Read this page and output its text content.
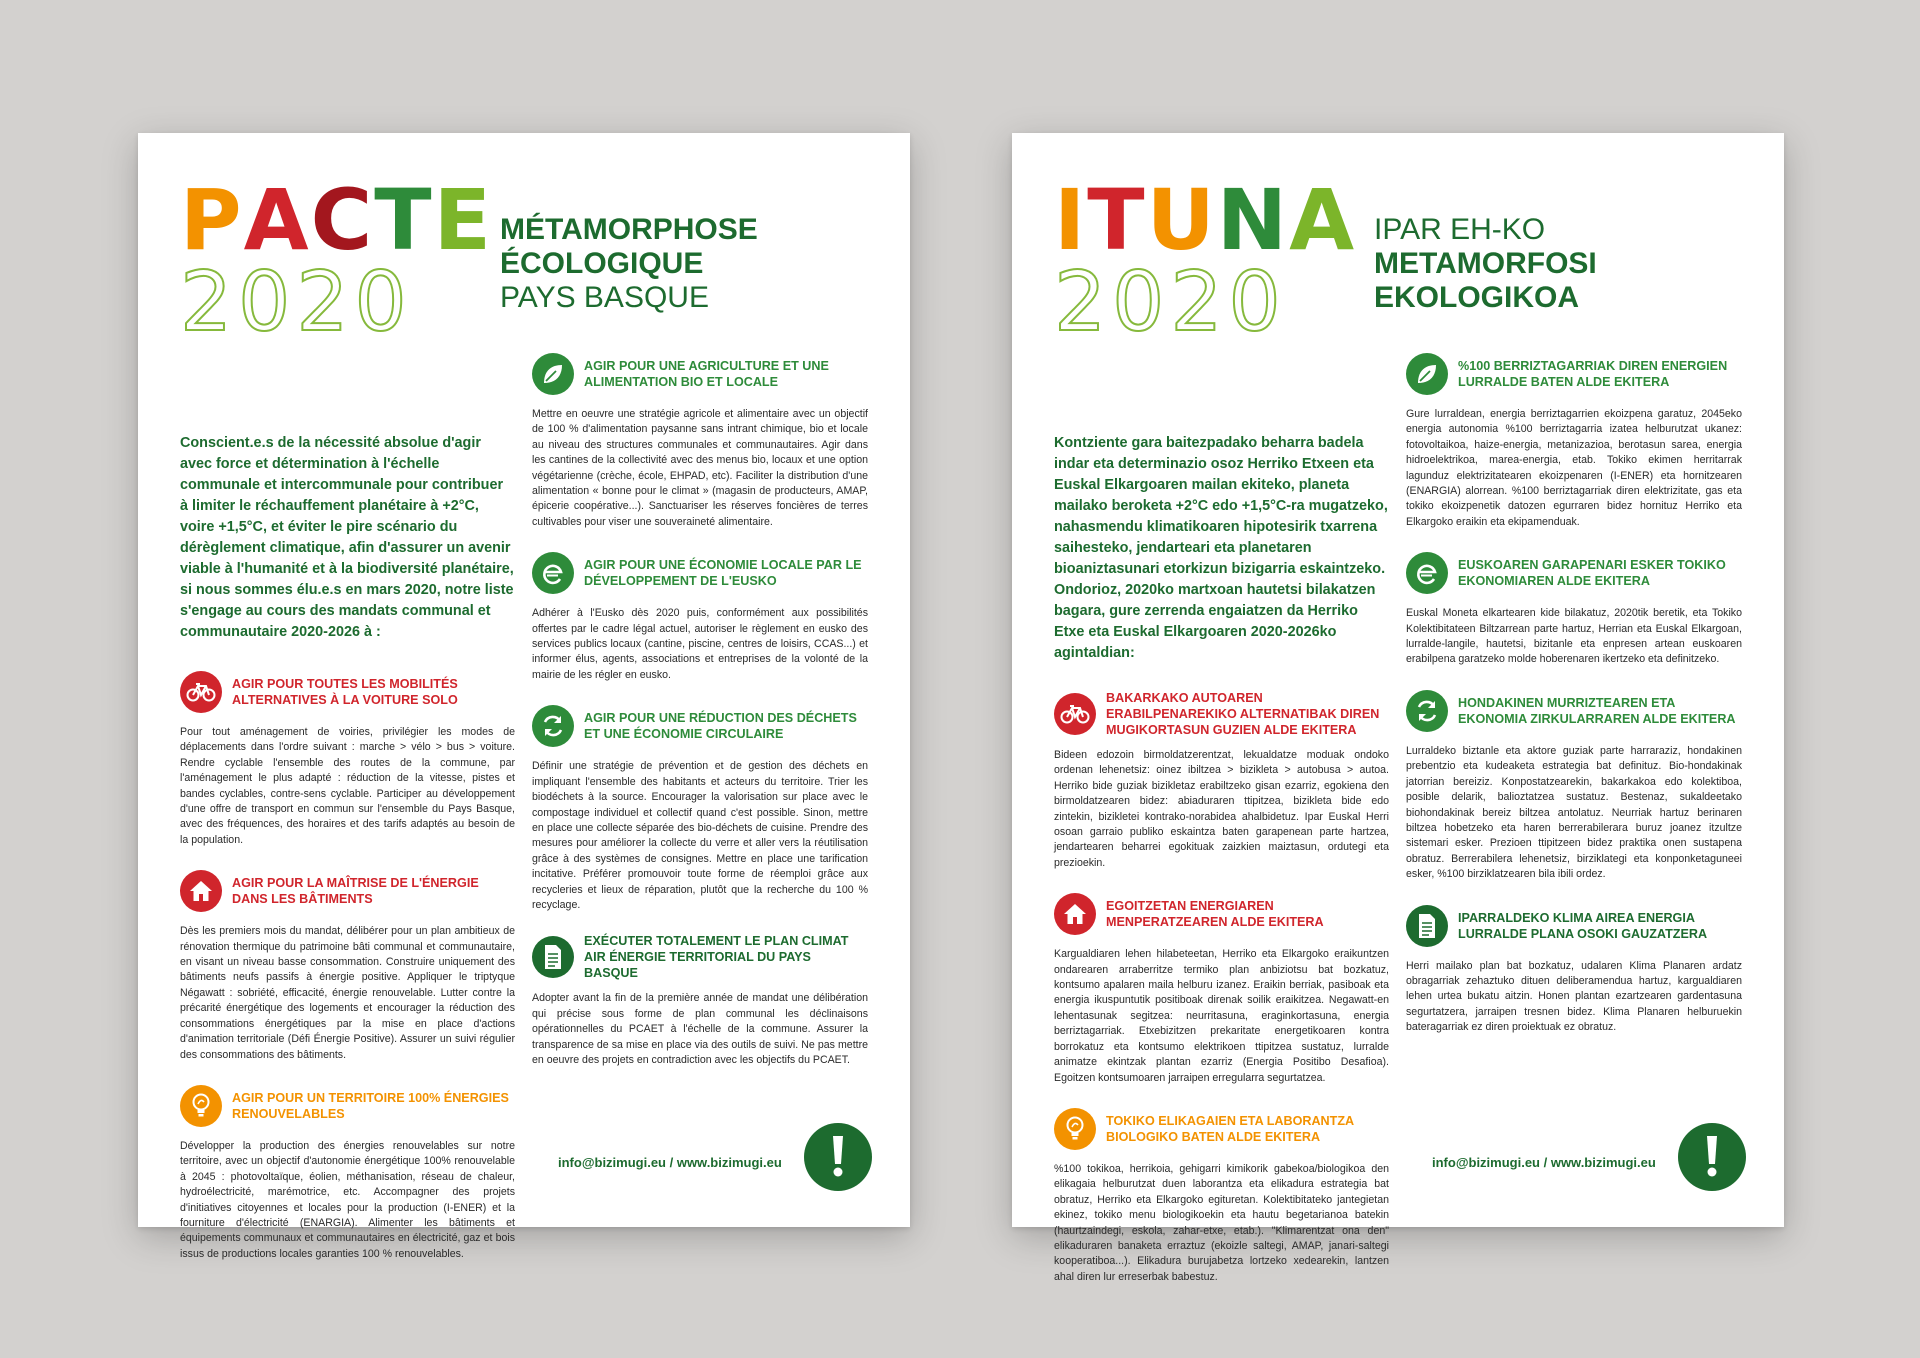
PACTE
2020
MÉTAMORPHOSE
ÉCOLOGIQUE
PAYS BASQUE

Conscient.e.s de la nécessité absolue d'agir avec force et détermination à l'échelle communale et intercommunale pour contribuer à limiter le réchauffement planétaire à +2°C, voire +1,5°C, et éviter le pire scénario du dérèglement climatique, afin d'assurer un avenir viable à l'humanité et à la biodiversité planétaire, si nous sommes élu.e.s en mars 2020, notre liste s'engage au cours des mandats communal et communautaire 2020-2026 à :

AGIR POUR TOUTES LES MOBILITÉS ALTERNATIVES À LA VOITURE SOLO

Pour tout aménagement de voiries, privilégier les modes de déplacements dans l'ordre suivant : marche > vélo > bus > voiture. Rendre cyclable l'ensemble des routes de la commune, par l'aménagement le plus adapté : réduction de la vitesse, pistes et bandes cyclables, contre-sens cyclable. Participer au développement d'une offre de transport en commun sur l'ensemble du Pays Basque, avec des fréquences, des horaires et des tarifs adaptés au besoin de la population.

AGIR POUR LA MAÎTRISE DE L'ÉNERGIE DANS LES BÂTIMENTS

Dès les premiers mois du mandat, délibérer pour un plan ambitieux de rénovation thermique du patrimoine bâti communal et communautaire, en visant un niveau basse consommation. Construire uniquement des bâtiments neufs passifs à énergie positive. Appliquer le triptyque Négawatt : sobriété, efficacité, énergie renouvelable. Lutter contre la précarité énergétique des logements et encourager la réduction des consommations énergétiques par la mise en place d'actions d'animation territoriale (Défi Énergie Positive). Assurer un suivi régulier des consommations des bâtiments.

AGIR POUR UN TERRITOIRE 100% ÉNERGIES RENOUVELABLES

Développer la production des énergies renouvelables sur notre territoire, avec un objectif d'autonomie énergétique 100% renouvelable à 2045 : photovoltaïque, éolien, méthanisation, réseau de chaleur, hydroélectricité, marémotrice, etc. Accompagner des projets d'initiatives citoyennes et locales pour la production (I-ENER) et la fourniture d'électricité (ENARGIA). Alimenter les bâtiments et équipements communaux et communautaires en électricité, gaz et bois issus de productions locales garanties 100 % renouvelables.

AGIR POUR UNE AGRICULTURE ET UNE ALIMENTATION BIO ET LOCALE

Mettre en oeuvre une stratégie agricole et alimentaire avec un objectif de 100 % d'alimentation paysanne sans intrant chimique, bio et locale au niveau des structures communales et communautaires. Agir dans les cantines de la collectivité avec des menus bio, locaux et une option végétarienne (crèche, école, EHPAD, etc). Faciliter la distribution d'une alimentation « bonne pour le climat » (magasin de producteurs, AMAP, épicerie coopérative...). Sanctuariser les réserves foncières de terres cultivables pour viser une souveraineté alimentaire.

AGIR POUR UNE ÉCONOMIE LOCALE PAR LE DÉVELOPPEMENT DE L'EUSKO

Adhérer à l'Eusko dès 2020 puis, conformément aux possibilités offertes par le cadre légal actuel, autoriser le règlement en eusko des services publics locaux (cantine, piscine, centres de loisirs, CCAS...) et informer élus, agents, associations et entreprises de la volonté de la mairie de les régler en eusko.

AGIR POUR UNE RÉDUCTION DES DÉCHETS ET UNE ÉCONOMIE CIRCULAIRE

Définir une stratégie de prévention et de gestion des déchets en impliquant l'ensemble des habitants et acteurs du territoire. Trier les biodéchets à la source. Encourager la valorisation sur place avec le compostage individuel et collectif quand c'est possible. Sinon, mettre en place une collecte séparée des bio-déchets de cuisine. Prendre des mesures pour améliorer la collecte du verre et aller vers la réutilisation grâce à des systèmes de consignes. Mettre en place une tarification incitative. Préférer promouvoir toute forme de réemploi grâce aux recycleries et lieux de réparation, plutôt que la recherche du 100 % recyclage.

EXÉCUTER TOTALEMENT LE PLAN CLIMAT AIR ÉNERGIE TERRITORIAL DU PAYS BASQUE

Adopter avant la fin de la première année de mandat une délibération qui précise sous forme de plan communal les déclinaisons opérationnelles du PCAET à l'échelle de la commune. Assurer la transparence de sa mise en place via des outils de suivi. Ne pas mettre en oeuvre des projets en contradiction avec les objectifs du PCAET.

info@bizimugi.eu / www.bizimugi.eu
ITUNA
2020
IPAR EH-KO
METAMORFOSI
EKOLOGIKOA

Kontziente gara baitezpadako beharra badela indar eta determinazio osoz Herriko Etxeen eta Euskal Elkargoaren mailan ekiteko, planeta mailako beroketa +2°C edo +1,5°C-ra mugatzeko, nahasmendu klimatikoaren hipotesirik txarrena saihesteko, jendarteari eta planetaren bioaniztasunari etorkizun bizigarria eskaintzeko. Ondorioz, 2020ko martxoan hautetsi bilakatzen bagara, gure zerrenda engaiatzen da Herriko Etxe eta Euskal Elkargoaren 2020-2026ko agintaldian:

BAKARKAKO AUTOAREN ERABILPENAREKIKO ALTERNATIBAK DIREN MUGIKORTASUN GUZIEN ALDE EKITERA

Bideen edozoin birmoldatzerentzat, lekualdatze moduak ondoko ordenan lehenetsiz: oinez ibiltzea > bizikleta > autobusa > autoa. Herriko bide guziak bizikletaz erabiltzeko gisan ezarriz, egokiena den birmoldatzearen bidez: abiaduraren ttipitzea, bizikleta bide edo zintekin, bizikletei kontrako-norabidea ahalbidetuz. Ipar Euskal Herri osoan garraio publiko eskaintza baten garapenean parte hartzea, jendartearen beharrei egokituak zaizkien maiztasun, ordutegi eta prezioekin.

EGOITZETAN ENERGIAREN MENPERATZEAREN ALDE EKITERA

Kargualdiaren lehen hilabeteetan, Herriko eta Elkargoko eraikuntzen ondarearen arraberritze termiko plan anbiziotsu bat bozkatuz, kontsumo apalaren maila helburu izanez. Eraikin berriak, pasiboak eta energia ikuspuntutik positiboak direnak soilik eraikitzea. Negawatt-en lehentasunak segitzea: neurritasuna, eraginkortasuna, energia berriztagarriak. Etxebizitzen prekaritate energetikoaren kontra borrokatuz eta kontsumo elektrikoen ttipitzea sustatuz, lurralde animatze ekintzak plantan ezarriz (Energia Positibo Desafioa). Egoitzen kontsumoaren jarraipen erregularra segurtatzea.

TOKIKO ELIKAGAIEN ETA LABORANTZA BIOLOGIKO BATEN ALDE EKITERA

%100 tokikoa, herrikoia, gehigarri kimikorik gabekoa/biologikoa den elikagaia helburutzat duen laborantza eta elikadura estrategia bat obratuz, Herriko eta Elkargoko egituretan. Kolektibitateko jantegietan ekinez, tokiko menu biologikoekin eta hautu begetarianoa batekin (haurtzaindegi, eskola, zahar-etxe, etab.). "Klimarentzat ona den" elikaduraren banaketa erraztuz (ekoizle saltegi, AMAP, janari-saltegi kooperatiboa...). Elikadura burujabetza lortzeko xedearekin, lantzen ahal diren lur erreserbak babestuz.

%100 BERRIZTAGARRIAK DIREN ENERGIEN LURRALDE BATEN ALDE EKITERA

Gure lurraldean, energia berriztagarrien ekoizpena garatuz, 2045eko energia autonomia %100 berriztagarria izatea helburutzat ukanez: fotovoltaikoa, haize-energia, metanizazioa, berotasun sarea, energia hidroelektrikoa, marea-energia, etab. Tokiko ekimen herritarrak lagunduz elektrizitatearen ekoizpenaren (I-ENER) eta hornitzearen (ENARGIA) alorrean. %100 berriztagarriak diren elektrizitate, gas eta tokiko ekoizpenetik datozen egurraren bidez hornituz Herriko eta Elkargoko eraikin eta ekipamenduak.

EUSKOAREN GARAPENARI ESKER TOKIKO EKONOMIAREN ALDE EKITERA

Euskal Moneta elkartearen kide bilakatuz, 2020tik beretik, eta Tokiko Kolektibitateen Biltzarrean parte hartuz, Herrian eta Euskal Elkargoan, lurralde-langile, hautetsi, bizitanle eta enpresen artean euskoaren erabilpena garatzeko molde hoberenaren ikertzeko eta definitzeko.

HONDAKINEN MURRIZTEAREN ETA EKONOMIA ZIRKULARRAREN ALDE EKITERA

Lurraldeko biztanle eta aktore guziak parte harraraziz, hondakinen prebentzio eta kudeaketa estrategia bat definituz. Bio-hondakinak jatorrian bereiziz. Konpostatzearekin, bakarkakoa edo kolektiboa, posible delarik, balioztatzea sustatuz. Bestenaz, sukaldeetako biohondakinak bereiz biltzea antolatuz. Neurriak hartuz berinaren biltzea hobetzeko eta haren berrerabilerara buruz joanez itzultze sistemari esker. Prezioen ttipitzeen bidez praktika onen sustapena obratuz. Berrerabilera lehenetsiz, birziklategi eta konponketaguneei esker, %100 birziklatzearen bila ibili ordez.

IPARRALDEKO KLIMA AIREA ENERGIA LURRALDE PLANA OSOKI GAUZATZERA

Herri mailako plan bat bozkatuz, udalaren Klima Planaren ardatz obragarriak zehaztuko dituen deliberamendua hartuz, kargualdiaren lehen urtea bukatu aitzin. Honen plantan ezartzearen gardentasuna segurtatzera, jarraipen tresnen bidez. Klima Planaren helburuekin bateragarriak ez diren proiektuak ez obratuz.

info@bizimugi.eu / www.bizimugi.eu
